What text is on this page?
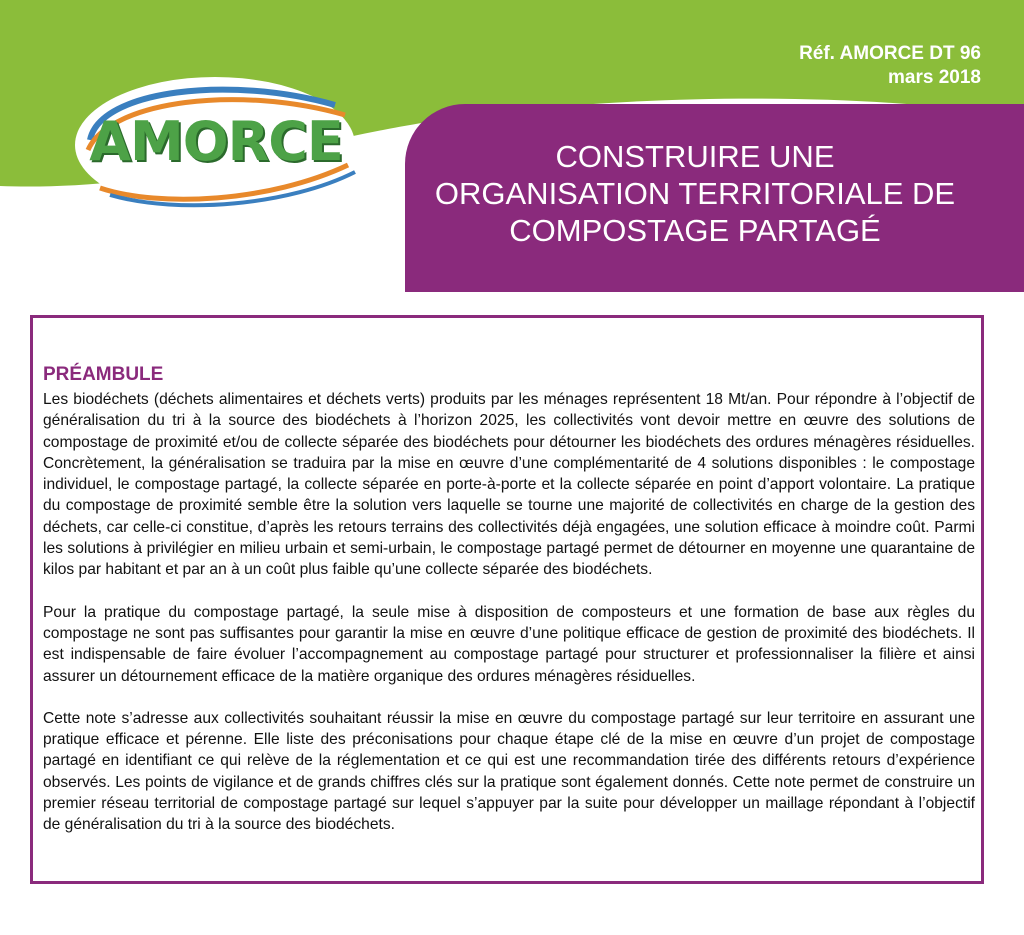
CONSTRUIRE UNE
ORGANISATION TERRITORIALE DE
COMPOSTAGE PARTAGÉ
Réf. AMORCE DT 96
mars 2018
AMORCE
PRÉAMBULE

Les biodéchets (déchets alimentaires et déchets verts) produits par les ménages représentent 18 Mt/an. Pour répondre à l’objectif de généralisation du tri à la source des biodéchets à l’horizon 2025, les collectivités vont devoir mettre en œuvre des solutions de compostage de proximité et/ou de collecte séparée des biodéchets pour détourner les biodéchets des ordures ménagères résiduelles. Concrètement, la généralisation se traduira par la mise en œuvre d’une complémentarité de 4 solutions disponibles : le compostage individuel, le compostage partagé, la collecte séparée en porte-à-porte et la collecte séparée en point d’apport volontaire. La pratique du compostage de proximité semble être la solution vers laquelle se tourne une majorité de collectivités en charge de la gestion des déchets, car celle-ci constitue, d’après les retours terrains des collectivités déjà engagées, une solution efficace à moindre coût. Parmi les solutions à privilégier en milieu urbain et semi-urbain, le compostage partagé permet de détourner en moyenne une quarantaine de kilos par habitant et par an à un coût plus faible qu’une collecte séparée des biodéchets.

Pour la pratique du compostage partagé, la seule mise à disposition de composteurs et une formation de base aux règles du compostage ne sont pas suffisantes pour garantir la mise en œuvre d’une politique efficace de gestion de proximité des biodéchets. Il est indispensable de faire évoluer l’accompagnement au compostage partagé pour structurer et professionnaliser la filière et ainsi assurer un détournement efficace de la matière organique des ordures ménagères résiduelles.

Cette note s’adresse aux collectivités souhaitant réussir la mise en œuvre du compostage partagé sur leur territoire en assurant une pratique efficace et pérenne. Elle liste des préconisations pour chaque étape clé de la mise en œuvre d’un projet de compostage partagé en identifiant ce qui relève de la réglementation et ce qui est une recommandation tirée des différents retours d’expérience observés. Les points de vigilance et de grands chiffres clés sur la pratique sont également donnés. Cette note permet de construire un premier réseau territorial de compostage partagé sur lequel s’appuyer par la suite pour développer un maillage répondant à l’objectif de généralisation du tri à la source des biodéchets.
